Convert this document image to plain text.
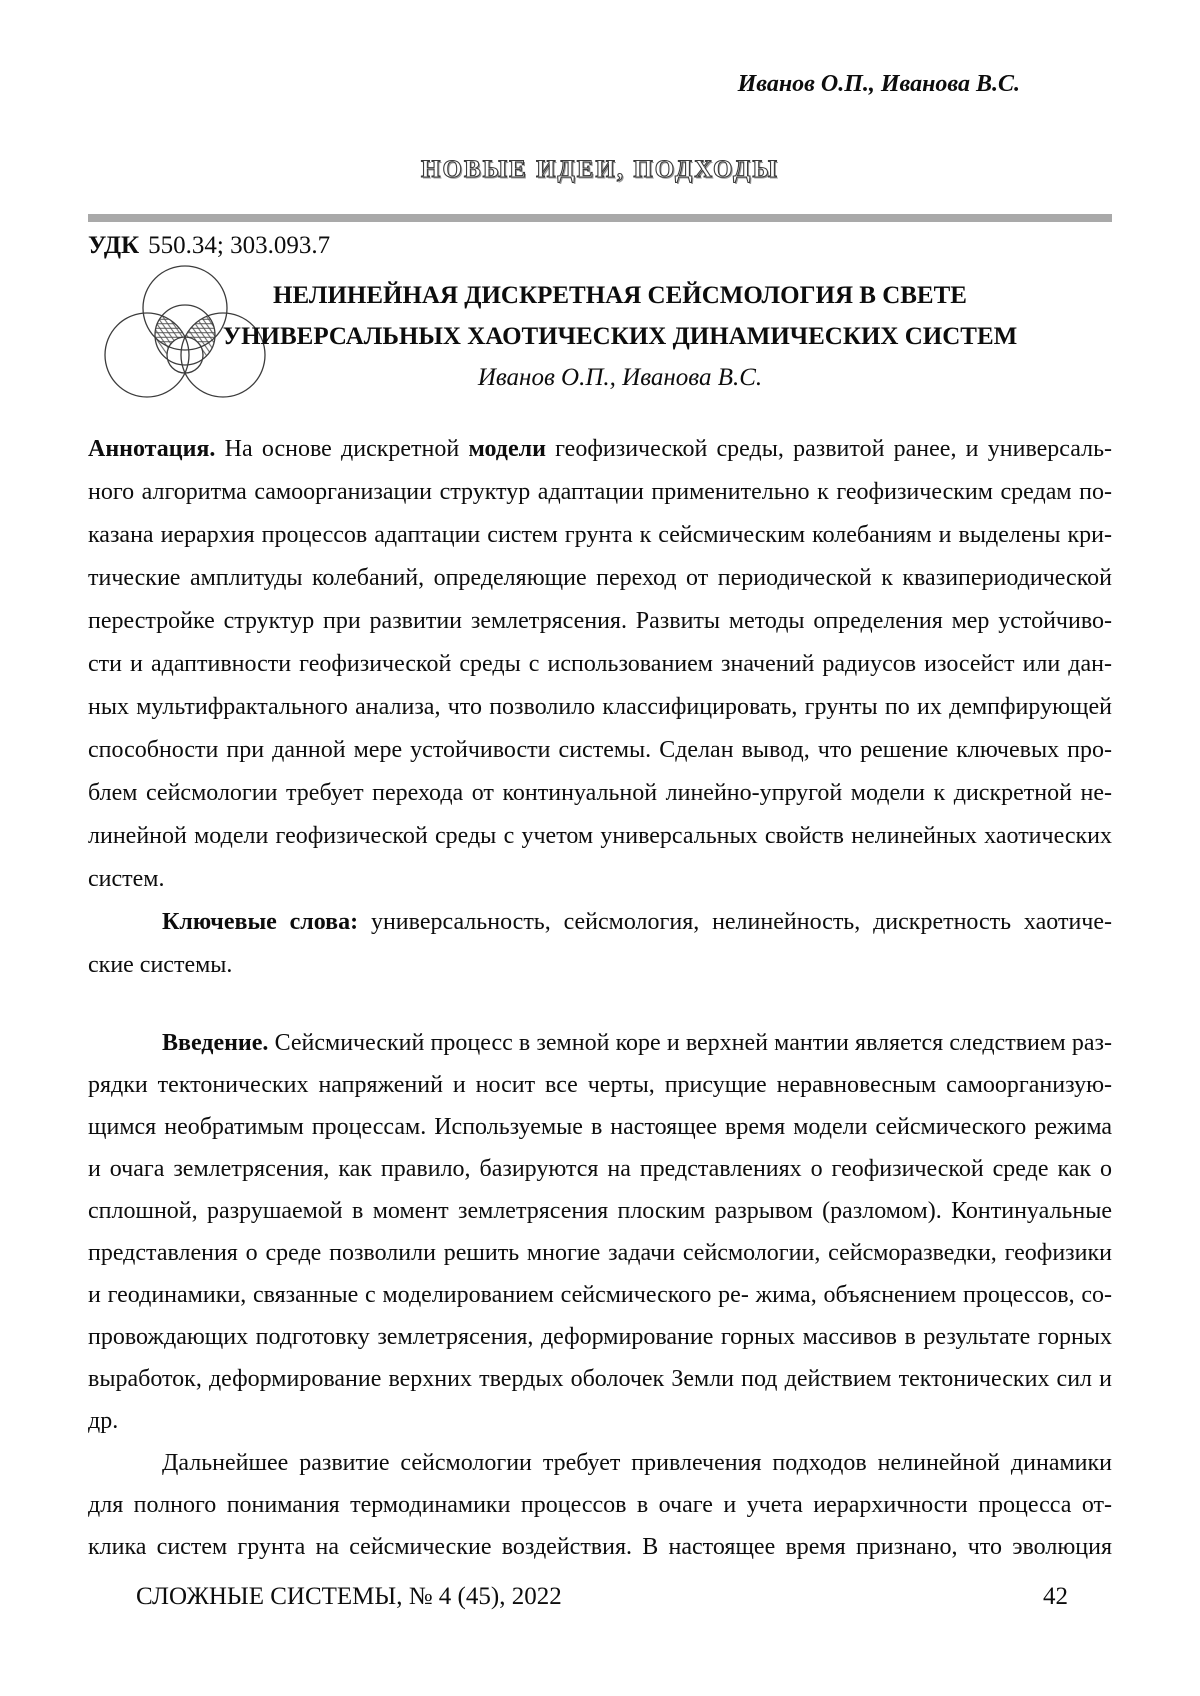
Иванов О.П., Иванова В.С.
НОВЫЕ ИДЕИ, ПОДХОДЫ
УДК 550.34; 303.093.7
НЕЛИНЕЙНАЯ ДИСКРЕТНАЯ СЕЙСМОЛОГИЯ В СВЕТЕ
УНИВЕРСАЛЬНЫХ ХАОТИЧЕСКИХ ДИНАМИЧЕСКИХ СИСТЕМ
Иванов О.П., Иванова В.С.
Аннотация. На основе дискретной модели геофизической среды, развитой ранее, и универсаль-
ного алгоритма самоорганизации структур адаптации применительно к геофизическим средам по-
казана иерархия процессов адаптации систем грунта к сейсмическим колебаниям и выделены кри-
тические амплитуды колебаний, определяющие переход от периодической к квазипериодической
перестройке структур при развитии землетрясения. Развиты методы определения мер устойчиво-
сти и адаптивности геофизической среды с использованием значений радиусов изосейст или дан-
ных мультифрактального анализа, что позволило классифицировать, грунты по их демпфирующей
способности при данной мере устойчивости системы. Сделан вывод, что решение ключевых про-
блем сейсмологии требует перехода от континуальной линейно-упругой модели к дискретной не-
линейной модели геофизической среды с учетом универсальных свойств нелинейных хаотических
систем.
Ключевые слова: универсальность, сейсмология, нелинейность, дискретность хаотиче-
ские системы.
Введение. Сейсмический процесс в земной коре и верхней мантии является следствием раз-
рядки тектонических напряжений и носит все черты, присущие неравновесным самоорганизую-
щимся необратимым процессам. Используемые в настоящее время модели сейсмического режима
и очага землетрясения, как правило, базируются на представлениях о геофизической среде как о
сплошной, разрушаемой в момент землетрясения плоским разрывом (разломом). Континуальные
представления о среде позволили решить многие задачи сейсмологии, сейсморазведки, геофизики
и геодинамики, связанные с моделированием сейсмического ре- жима, объяснением процессов, со-
провождающих подготовку землетрясения, деформирование горных массивов в результате горных
выработок, деформирование верхних твердых оболочек Земли под действием тектонических сил и
др.
Дальнейшее развитие сейсмологии требует привлечения подходов нелинейной динамики
для полного понимания термодинамики процессов в очаге и учета иерархичности процесса от-
клика систем грунта на сейсмические воздействия. В настоящее время признано, что эволюция
СЛОЖНЫЕ СИСТЕМЫ, № 4 (45), 2022	42
